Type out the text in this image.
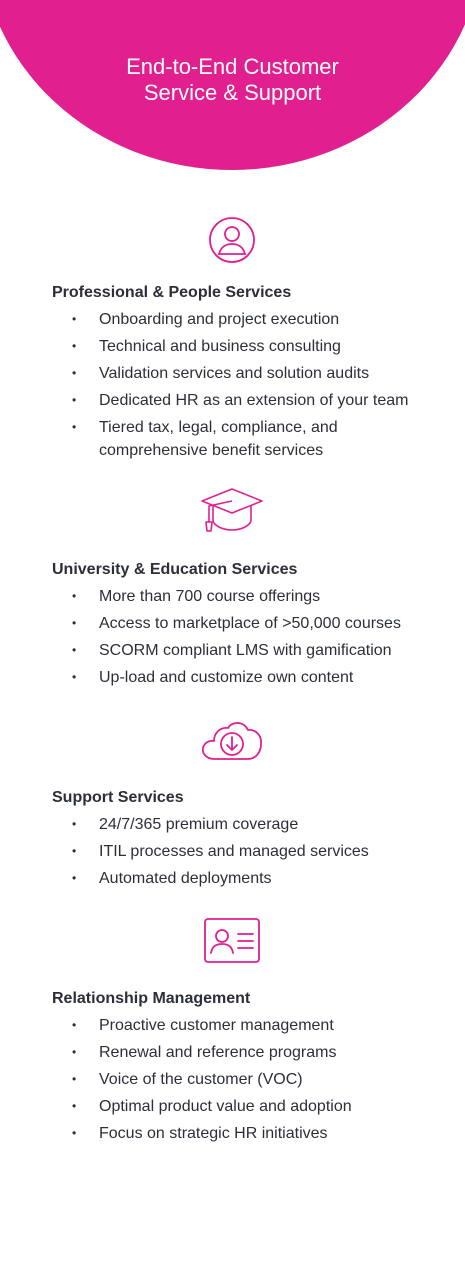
End-to-End Customer
Service & Support
Professional & People Services
• Onboarding and project execution
• Technical and business consulting
• Validation services and solution audits
• Dedicated HR as an extension of your team
• Tiered tax, legal, compliance, and comprehensive benefit services
University & Education Services
• More than 700 course offerings
• Access to marketplace of >50,000 courses
• SCORM compliant LMS with gamification
• Up-load and customize own content
Support Services
• 24/7/365 premium coverage
• ITIL processes and managed services
• Automated deployments
Relationship Management
• Proactive customer management
• Renewal and reference programs
• Voice of the customer (VOC)
• Optimal product value and adoption
• Focus on strategic HR initiatives
